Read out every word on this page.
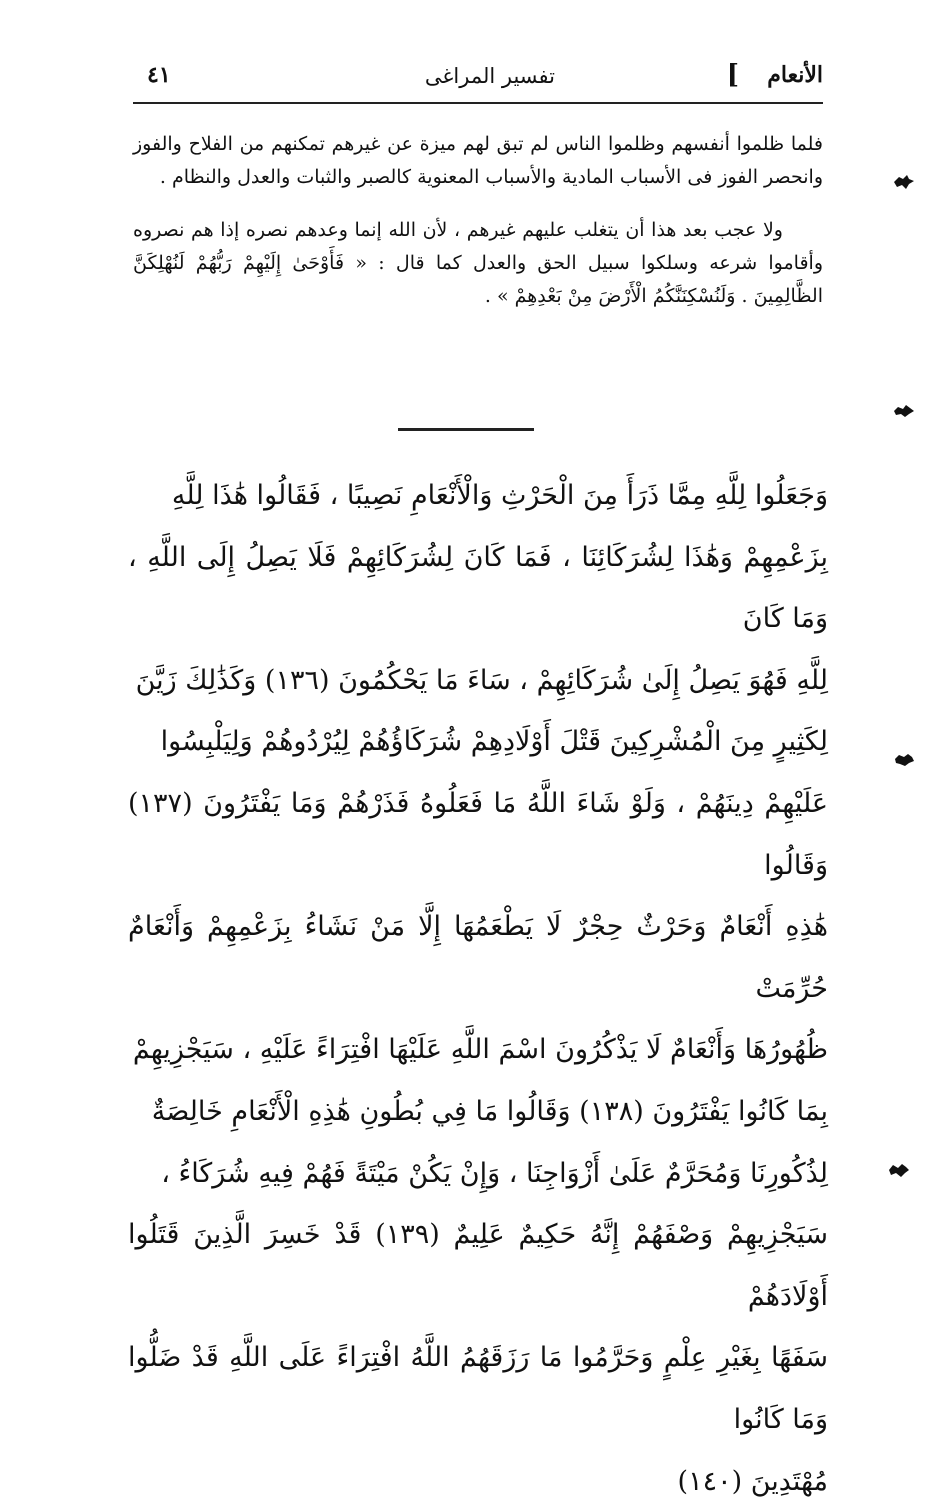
الأنعام
]
تفسير المراغى
٤١

فلما ظلموا أنفسهم وظلموا الناس لم تبق لهم ميزة عن غيرهم تمكنهم من الفلاح والفوز وانحصر الفوز فى الأسباب المادية والأسباب المعنوية كالصبر والثبات والعدل والنظام .

ولا عجب بعد هذا أن يتغلب عليهم غيرهم ، لأن الله إنما وعدهم نصره إذا هم نصروه وأقاموا شرعه وسلكوا سبيل الحق والعدل كما قال : « فَأَوْحَىٰ إِلَيْهِمْ رَبُّهُمْ لَنُهْلِكَنَّ الظَّالِمِينَ . وَلَنُسْكِنَنَّكُمُ الْأَرْضَ مِنْ بَعْدِهِمْ » .

وَجَعَلُوا لِلَّهِ مِمَّا ذَرَأَ مِنَ الْحَرْثِ وَالْأَنْعَامِ نَصِيبًا ، فَقَالُوا هَٰذَا لِلَّهِ

بِزَعْمِهِمْ وَهَٰذَا لِشُرَكَائِنَا ، فَمَا كَانَ لِشُرَكَائِهِمْ فَلَا يَصِلُ إِلَى اللَّهِ ، وَمَا كَانَ

لِلَّهِ فَهُوَ يَصِلُ إِلَىٰ شُرَكَائِهِمْ ، سَاءَ مَا يَحْكُمُونَ (١٣٦) وَكَذَٰلِكَ زَيَّنَ

لِكَثِيرٍ مِنَ الْمُشْرِكِينَ قَتْلَ أَوْلَادِهِمْ شُرَكَاؤُهُمْ لِيُرْدُوهُمْ وَلِيَلْبِسُوا

عَلَيْهِمْ دِينَهُمْ ، وَلَوْ شَاءَ اللَّهُ مَا فَعَلُوهُ فَذَرْهُمْ وَمَا يَفْتَرُونَ (١٣٧) وَقَالُوا

هَٰذِهِ أَنْعَامٌ وَحَرْثٌ حِجْرٌ لَا يَطْعَمُهَا إِلَّا مَنْ نَشَاءُ بِزَعْمِهِمْ وَأَنْعَامٌ حُرِّمَتْ

ظُهُورُهَا وَأَنْعَامٌ لَا يَذْكُرُونَ اسْمَ اللَّهِ عَلَيْهَا افْتِرَاءً عَلَيْهِ ، سَيَجْزِيهِمْ

بِمَا كَانُوا يَفْتَرُونَ (١٣٨) وَقَالُوا مَا فِي بُطُونِ هَٰذِهِ الْأَنْعَامِ خَالِصَةٌ

لِذُكُورِنَا وَمُحَرَّمٌ عَلَىٰ أَزْوَاجِنَا ، وَإِنْ يَكُنْ مَيْتَةً فَهُمْ فِيهِ شُرَكَاءُ ،

سَيَجْزِيهِمْ وَصْفَهُمْ إِنَّهُ حَكِيمٌ عَلِيمٌ (١٣٩) قَدْ خَسِرَ الَّذِينَ قَتَلُوا أَوْلَادَهُمْ

سَفَهًا بِغَيْرِ عِلْمٍ وَحَرَّمُوا مَا رَزَقَهُمُ اللَّهُ افْتِرَاءً عَلَى اللَّهِ قَدْ ضَلُّوا وَمَا كَانُوا

مُهْتَدِينَ (١٤٠)
